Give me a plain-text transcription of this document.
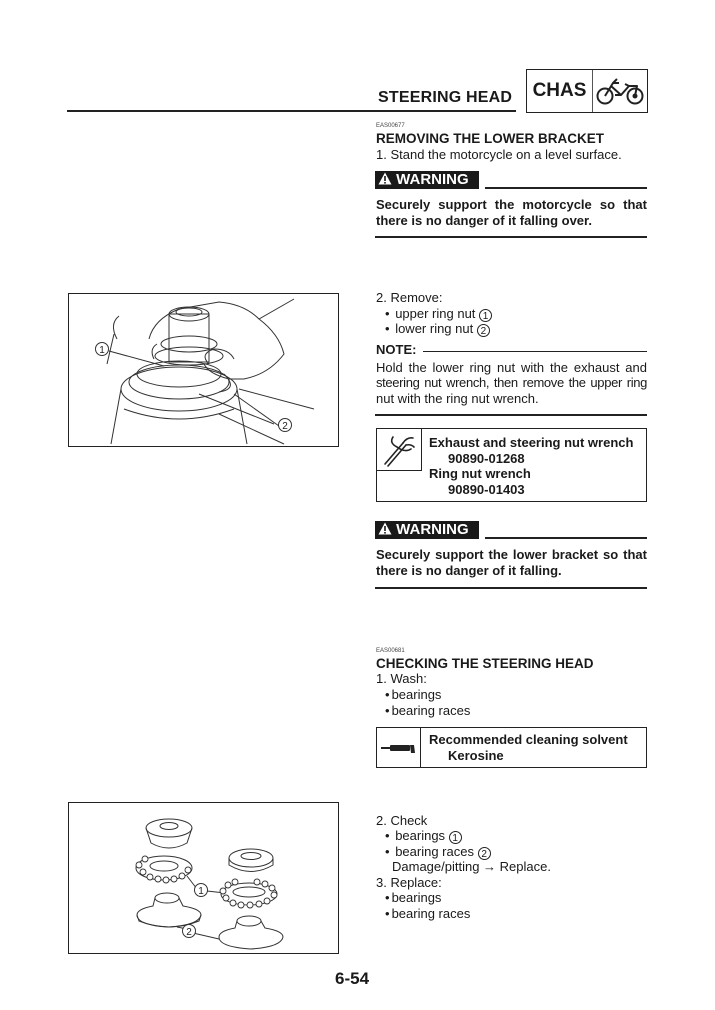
STEERING HEAD CHAS
EAS00677
REMOVING THE LOWER BRACKET
1. Stand the motorcycle on a level surface.
WARNING
Securely support the motorcycle so that
there is no danger of it falling over.
1
2
2. Remove:
• upper ring nut 1
• lower ring nut 2
NOTE:
Hold the lower ring nut with the exhaust and
steering nut wrench, then remove the upper ring
nut with the ring nut wrench.
Exhaust and steering nut wrench
90890-01268
Ring nut wrench
90890-01403
WARNING
Securely support the lower bracket so that
there is no danger of it falling.
EAS00681
CHECKING THE STEERING HEAD
1. Wash:
• bearings
• bearing races
Recommended cleaning solvent
Kerosine
1
2
2. Check
• bearings 1
• bearing races 2
Damage/pitting → Replace.
3. Replace:
• bearings
• bearing races
6-54
